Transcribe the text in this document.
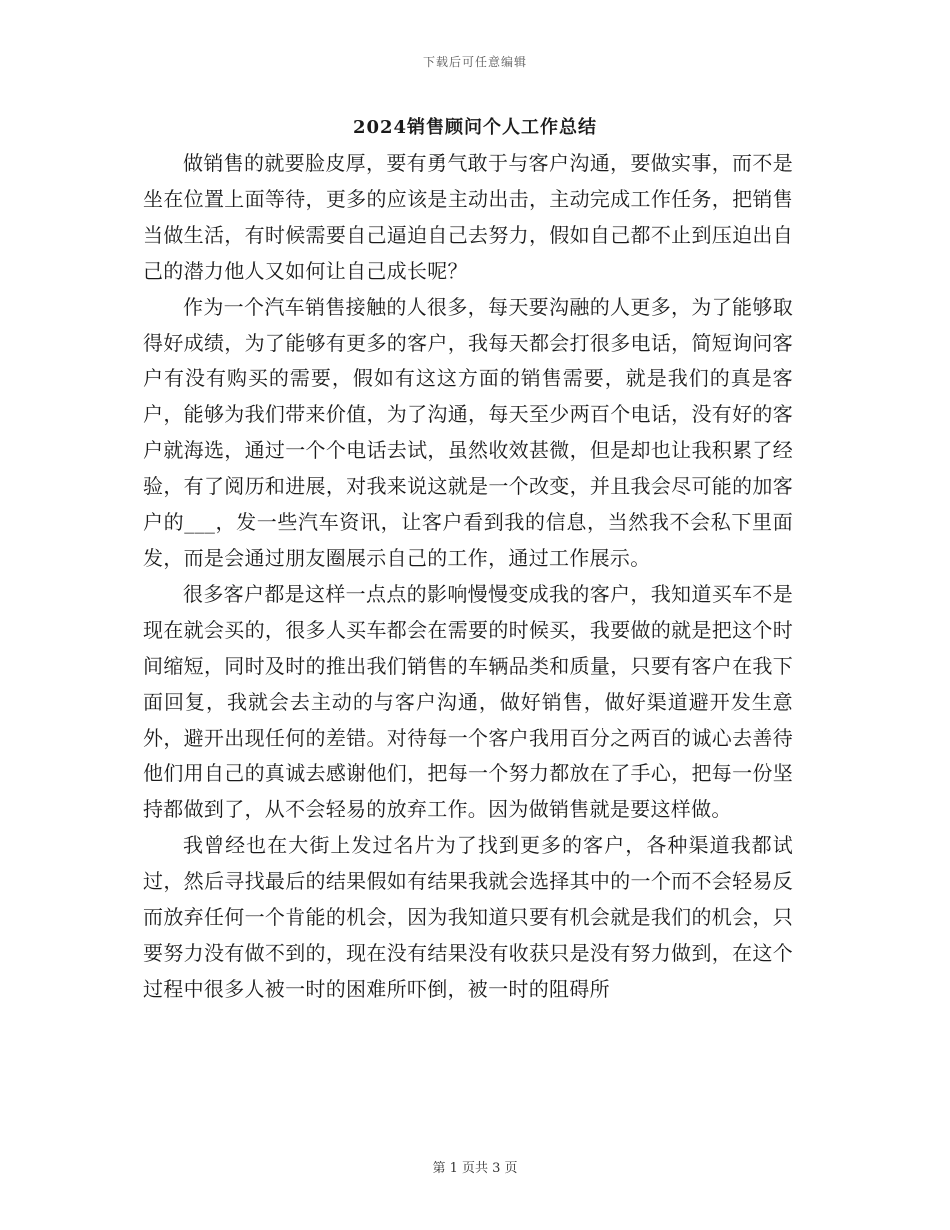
下载后可任意编辑
2024销售顾问个人工作总结

做销售的就要脸皮厚，要有勇气敢于与客户沟通，要做实事，而不是坐在位置上面等待，更多的应该是主动出击，主动完成工作任务，把销售当做生活，有时候需要自己逼迫自己去努力，假如自己都不止到压迫出自己的潜力他人又如何让自己成长呢？

作为一个汽车销售接触的人很多，每天要沟融的人更多，为了能够取得好成绩，为了能够有更多的客户，我每天都会打很多电话，简短询问客户有没有购买的需要，假如有这这方面的销售需要，就是我们的真是客户，能够为我们带来价值，为了沟通，每天至少两百个电话，没有好的客户就海选，通过一个个电话去试，虽然收效甚微，但是却也让我积累了经验，有了阅历和进展，对我来说这就是一个改变，并且我会尽可能的加客户的___，发一些汽车资讯，让客户看到我的信息，当然我不会私下里面发，而是会通过朋友圈展示自己的工作，通过工作展示。

很多客户都是这样一点点的影响慢慢变成我的客户，我知道买车不是现在就会买的，很多人买车都会在需要的时候买，我要做的就是把这个时间缩短，同时及时的推出我们销售的车辆品类和质量，只要有客户在我下面回复，我就会去主动的与客户沟通，做好销售，做好渠道避开发生意外，避开出现任何的差错。对待每一个客户我用百分之两百的诚心去善待他们用自己的真诚去感谢他们，把每一个努力都放在了手心，把每一份坚持都做到了，从不会轻易的放弃工作。因为做销售就是要这样做。

我曾经也在大街上发过名片为了找到更多的客户，各种渠道我都试过，然后寻找最后的结果假如有结果我就会选择其中的一个而不会轻易反而放弃任何一个肯能的机会，因为我知道只要有机会就是我们的机会，只要努力没有做不到的，现在没有结果没有收获只是没有努力做到，在这个过程中很多人被一时的困难所吓倒，被一时的阻碍所

第 1 页共 3 页
